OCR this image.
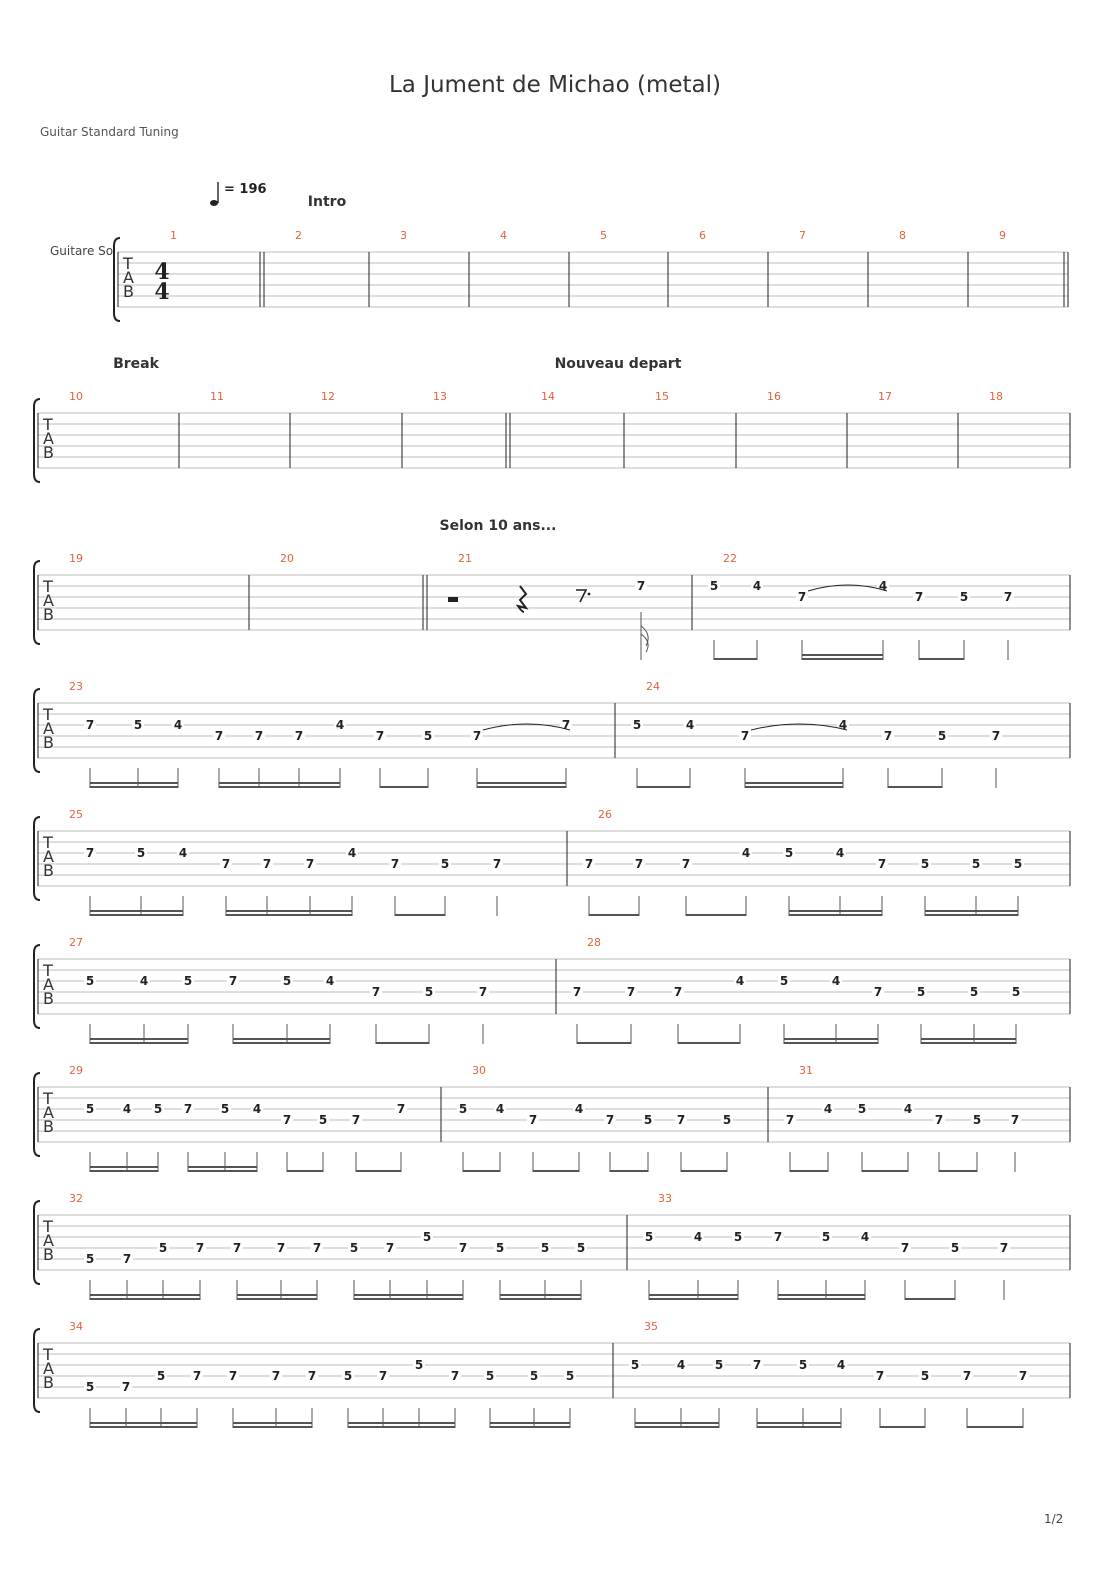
La Jument de Michao (metal)
Guitar Standard Tuning
1/2
T
A
B
1	2	3	4	5	6	7	8	9
Intro
T
A
B
10	11	12	13	14	15	16	17	18
Break	Nouveau depart
T
A
B
19	20	21	22
Selon 10 ans...
7	5	4
7
4
7	5	7
T
A
B
23	24
7	5	4
7	7	7
4
7	5	7
7	5	4
7
4
7	5	7
T
A
B
25	26
7	5	4
7	7	7
4
7	5	7	7	7	7
4	5	4
7	5	5	5
T
A
B
27	28
5	4	5	7	5	4
7	5	7	7	7	7
4	5	4
7	5	5	5
T
A
B
29	30	31
5 4 5 7 5 4
7 5 7
7	5 4
7
4
7 5 7	5	7
4 5	4
7 5 7
T
A
B
32	33
5 7
5 7 7	7 7 5 7
5
7 5	5 5
5	4	5	7	5	4
7	5	7
T
A
B
34	35
5 7
5 7 7	7 7 5 7
5
7 5	5 5
5	4 5 7	5 4
7	5	7	7
4
4
Guitare So
= 196
